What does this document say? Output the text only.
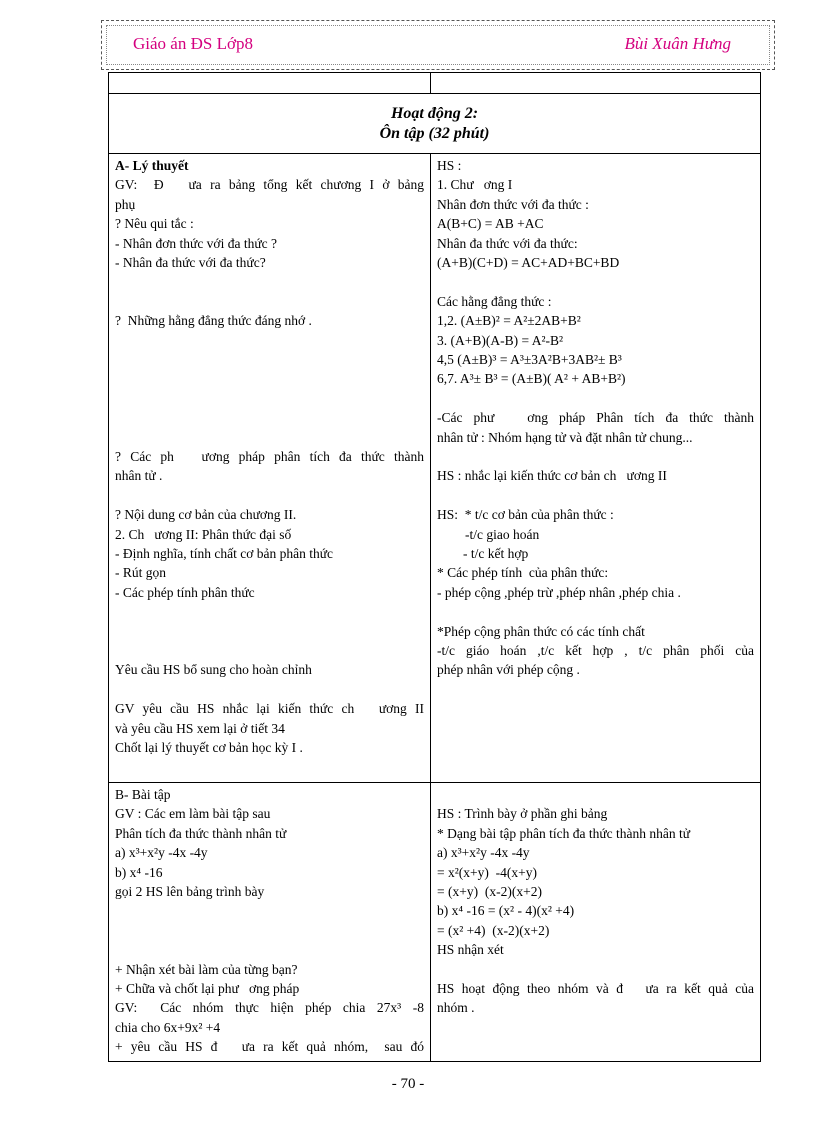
Giáo án ĐS Lớp8	Bùi Xuân Hưng
Hoạt động 2:
Ôn tập (32 phút)
A- Lý thuyết
GV:  Đ   ưa ra bảng tổng kết chương I ở bảng
phụ
? Nêu qui tắc :
- Nhân đơn thức với đa thức ?
- Nhân đa thức với đa thức?
?  Những hằng đẳng thức đáng nhớ .
? Các ph   ương pháp phân tích đa thức thành
nhân tử .
? Nội dung cơ bản của chương II.
2. Ch   ương II: Phân thức đại số
- Định nghĩa, tính chất cơ bản phân thức
- Rút gọn
- Các phép tính phân thức
Yêu cầu HS bổ sung cho hoàn chỉnh
GV yêu cầu HS nhắc lại kiến thức ch   ương II
và yêu cầu HS xem lại ở tiết 34
Chốt lại lý thuyết cơ bản học kỳ I .
HS :
1. Chư   ơng I
Nhân đơn thức với đa thức :
A(B+C) = AB +AC
Nhân đa thức với đa thức:
(A+B)(C+D) = AC+AD+BC+BD
Các hằng đẳng thức :
1,2. (A±B)² = A²±2AB+B²
3. (A+B)(A-B) = A²-B²
4,5 (A±B)³ = A³±3A²B+3AB²± B³
6,7. A³± B³ = (A±B)( A² + AB+B²)
-Các phư   ơng pháp Phân tích đa thức thành
nhân tử : Nhóm hạng tử và đặt nhân tử chung...
HS : nhắc lại kiến thức cơ bản ch   ương II
HS:  * t/c cơ bản của phân thức :
-t/c giao hoán
- t/c kết hợp
* Các phép tính  của phân thức:
- phép cộng ,phép trừ ,phép nhân ,phép chia .
*Phép cộng phân thức có các tính chất
-t/c giáo hoán ,t/c kết hợp , t/c phân phối của
phép nhân với phép cộng .
B- Bài tập
GV : Các em làm bài tập sau
Phân tích đa thức thành nhân tử
a) x³+x²y -4x -4y
b) x⁴ -16
gọi 2 HS lên bảng trình bày
+ Nhận xét bài làm của từng bạn?
+ Chữa và chốt lại phư   ơng pháp
GV:  Các nhóm thực hiện phép chia 27x³ -8
chia cho 6x+9x² +4
+ yêu cầu HS đ   ưa ra kết quả nhóm,  sau đó
HS : Trình bày ở phần ghi bảng
* Dạng bài tập phân tích đa thức thành nhân tử
a) x³+x²y -4x -4y
= x²(x+y)  -4(x+y)
= (x+y)  (x-2)(x+2)
b) x⁴ -16 = (x² - 4)(x² +4)
= (x² +4)  (x-2)(x+2)
HS nhận xét
HS hoạt động theo nhóm và đ   ưa ra kết quả của
nhóm .
- 70 -
